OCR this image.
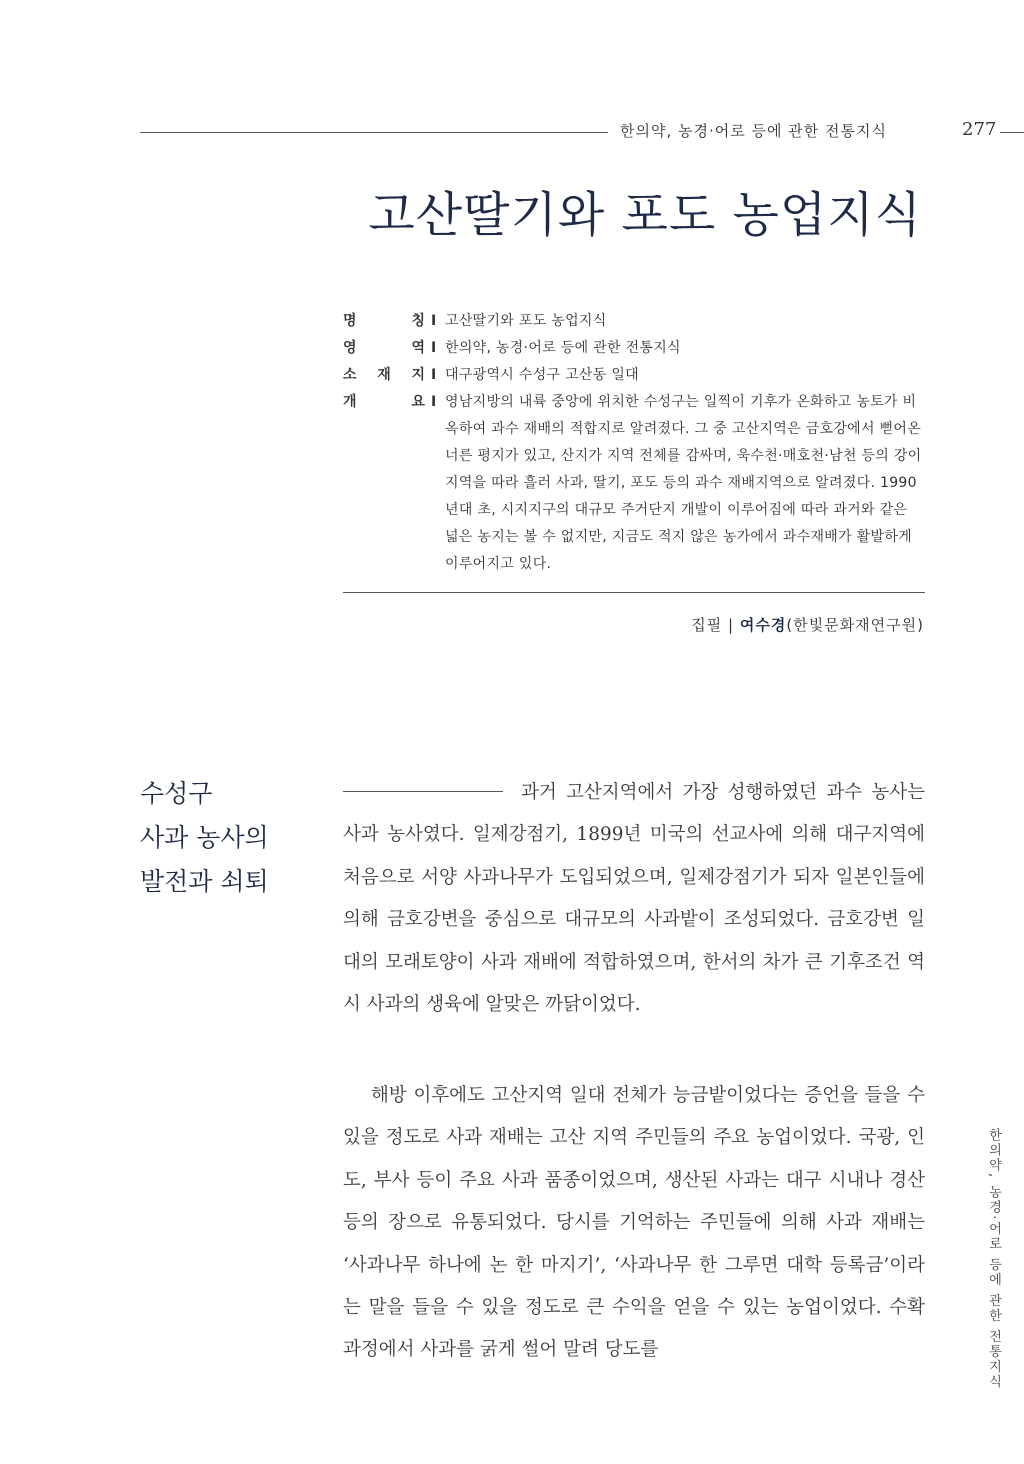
한의약, 농경·어로 등에 관한 전통지식	277
고산딸기와 포도 농업지식
명	칭 I 고산딸기와 포도 농업지식
영	역 I 한의약, 농경·어로 등에 관한 전통지식
소 재 지 I 대구광역시 수성구 고산동 일대
개	요 I 영남지방의 내륙 중앙에 위치한 수성구는 일찍이 기후가 온화하고 농토가 비옥하여 과수 재배의 적합지로 알려졌다. 그 중 고산지역은 금호강에서 뻗어온 너른 평지가 있고, 산지가 지역 전체를 감싸며, 욱수천·매호천·남천 등의 강이 지역을 따라 흘러 사과, 딸기, 포도 등의 과수 재배지역으로 알려졌다. 1990년대 초, 시지지구의 대규모 주거단지 개발이 이루어짐에 따라 과거와 같은 넓은 농지는 볼 수 없지만, 지금도 적지 않은 농가에서 과수재배가 활발하게 이루어지고 있다.
집필 | 여수경(한빛문화재연구원)
수성구
사과 농사의
발전과 쇠퇴

과거 고산지역에서 가장 성행하였던 과수 농사는 사과 농사였다. 일제강점기, 1899년 미국의 선교사에 의해 대구지역에 처음으로 서양 사과나무가 도입되었으며, 일제강점기가 되자 일본인들에 의해 금호강변을 중심으로 대규모의 사과밭이 조성되었다. 금호강변 일대의 모래토양이 사과 재배에 적합하였으며, 한서의 차가 큰 기후조건 역시 사과의 생육에 알맞은 까닭이었다.

해방 이후에도 고산지역 일대 전체가 능금밭이었다는 증언을 들을 수 있을 정도로 사과 재배는 고산 지역 주민들의 주요 농업이었다. 국광, 인도, 부사 등이 주요 사과 품종이었으며, 생산된 사과는 대구 시내나 경산 등의 장으로 유통되었다. 당시를 기억하는 주민들에 의해 사과 재배는 ‘사과나무 하나에 논 한 마지기’, ‘사과나무 한 그루면 대학 등록금’이라는 말을 들을 수 있을 정도로 큰 수익을 얻을 수 있는 농업이었다. 수확 과정에서 사과를 굵게 썰어 말려 당도를	한의약, 농경·어로 등에 관한 전통지식
